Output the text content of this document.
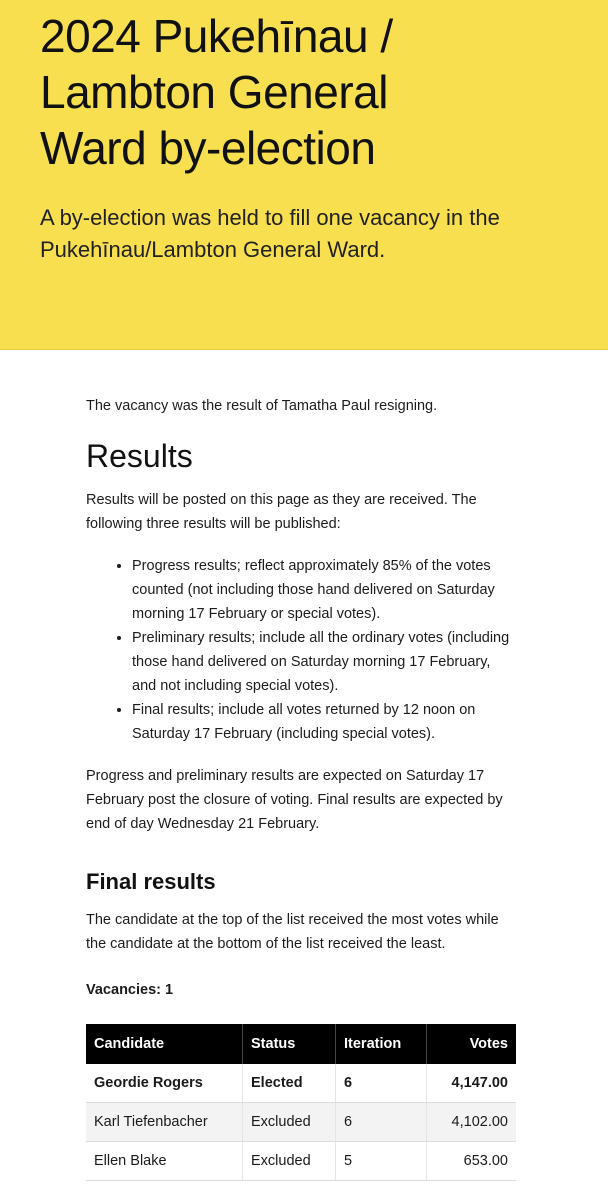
2024 Pukehīnau /
Lambton General
Ward by-election

A by-election was held to fill one vacancy in the Pukehīnau/Lambton General Ward.

The vacancy was the result of Tamatha Paul resigning.

Results

Results will be posted on this page as they are received. The following three results will be published:

• Progress results; reflect approximately 85% of the votes counted (not including those hand delivered on Saturday morning 17 February or special votes).
• Preliminary results; include all the ordinary votes (including those hand delivered on Saturday morning 17 February, and not including special votes).
• Final results; include all votes returned by 12 noon on Saturday 17 February (including special votes).

Progress and preliminary results are expected on Saturday 17 February post the closure of voting. Final results are expected by end of day Wednesday 21 February.

Final results

The candidate at the top of the list received the most votes while the candidate at the bottom of the list received the least.

Vacancies: 1

Candidate	Status	Iteration	Votes
Geordie Rogers	Elected	6	4,147.00
Karl Tiefenbacher	Excluded	6	4,102.00
Ellen Blake	Excluded	5	653.00
